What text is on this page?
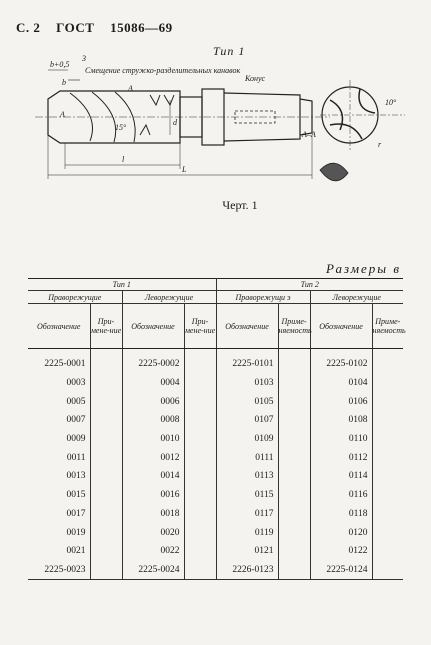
С. 2 ГОСТ 15086—69
Тип 1
b+0,5
b
3
Смещение стружко-разделительных канавок
A
A
Конус
d
l
L
15°
A–A
10°
r
Черт. 1
Размеры в
Тип 1				Тип 2			
Праворежущие		Леворежущие		Праворежущи э		Леворежущие	
Обозначение	При-мене-ние	Обозначение	При-мене-ние	Обозначение	Приме-няемость	Обозначение	Приме-няемость
2225-0001		2225-0002		2225-0101		2225-0102	
0003		0004		0103		0104	
0005		0006		0105		0106	
0007		0008		0107		0108	
0009		0010		0109		0110	
0011		0012		0111		0112	
0013		0014		0113		0114	
0015		0016		0115		0116	
0017		0018		0117		0118	
0019		0020		0119		0120	
0021		0022		0121		0122	
2225-0023		2225-0024		2226-0123		2225-0124	
